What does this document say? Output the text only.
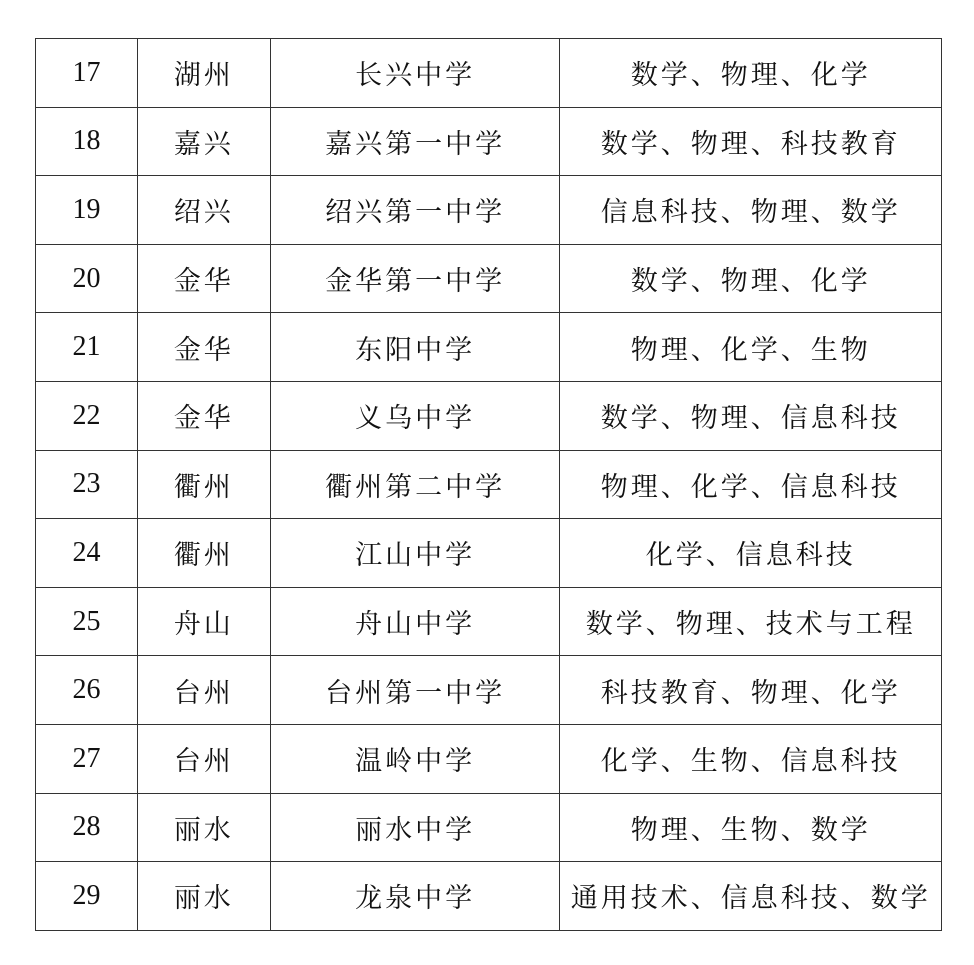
17	湖州	长兴中学	数学、物理、化学
18	嘉兴	嘉兴第一中学	数学、物理、科技教育
19	绍兴	绍兴第一中学	信息科技、物理、数学
20	金华	金华第一中学	数学、物理、化学
21	金华	东阳中学	物理、化学、生物
22	金华	义乌中学	数学、物理、信息科技
23	衢州	衢州第二中学	物理、化学、信息科技
24	衢州	江山中学	化学、信息科技
25	舟山	舟山中学	数学、物理、技术与工程
26	台州	台州第一中学	科技教育、物理、化学
27	台州	温岭中学	化学、生物、信息科技
28	丽水	丽水中学	物理、生物、数学
29	丽水	龙泉中学	通用技术、信息科技、数学
